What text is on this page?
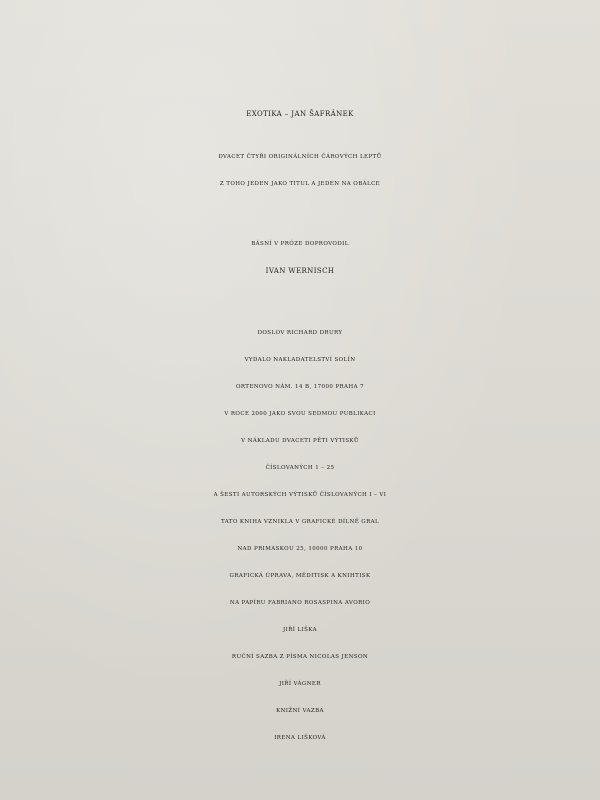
EXOTIKA – JAN ŠAFRÁNEK
DVACET ČTYŘI ORIGINÁLNÍCH ČÁROVÝCH LEPTŮ
Z TOHO JEDEN JAKO TITUL A JEDEN NA OBÁLCE
BÁSNÍ V PRÓZE DOPROVODIL
IVAN WERNISCH
DOSLOV RICHARD DRURY
VYDALO NAKLADATELSTVÍ SOLÍN
ORTENOVO NÁM. 14 B, 17000 PRAHA 7
V ROCE 2000 JAKO SVOU SEDMOU PUBLIKACI
V NÁKLADU DVACETI PĚTI VÝTISKŮ
ČÍSLOVANÝCH 1 – 25
A ŠESTI AUTORSKÝCH VÝTISKŮ ČÍSLOVANÝCH I – VI
TATO KNIHA VZNIKLA V GRAFICKÉ DÍLNĚ GRAL
NAD PRIMASKOU 25, 10000 PRAHA 10
GRAFICKÁ ÚPRAVA, MĚDITISK A KNIHTISK
NA PAPÍRU FABRIANO ROSASPINA AVORIO
JIŘÍ LIŠKA
RUČNÍ SAZBA Z PÍSMA NICOLAS JENSON
JIŘÍ VÁGNER
KNIŽNÍ VAZBA
IRENA LIŠKOVÁ
